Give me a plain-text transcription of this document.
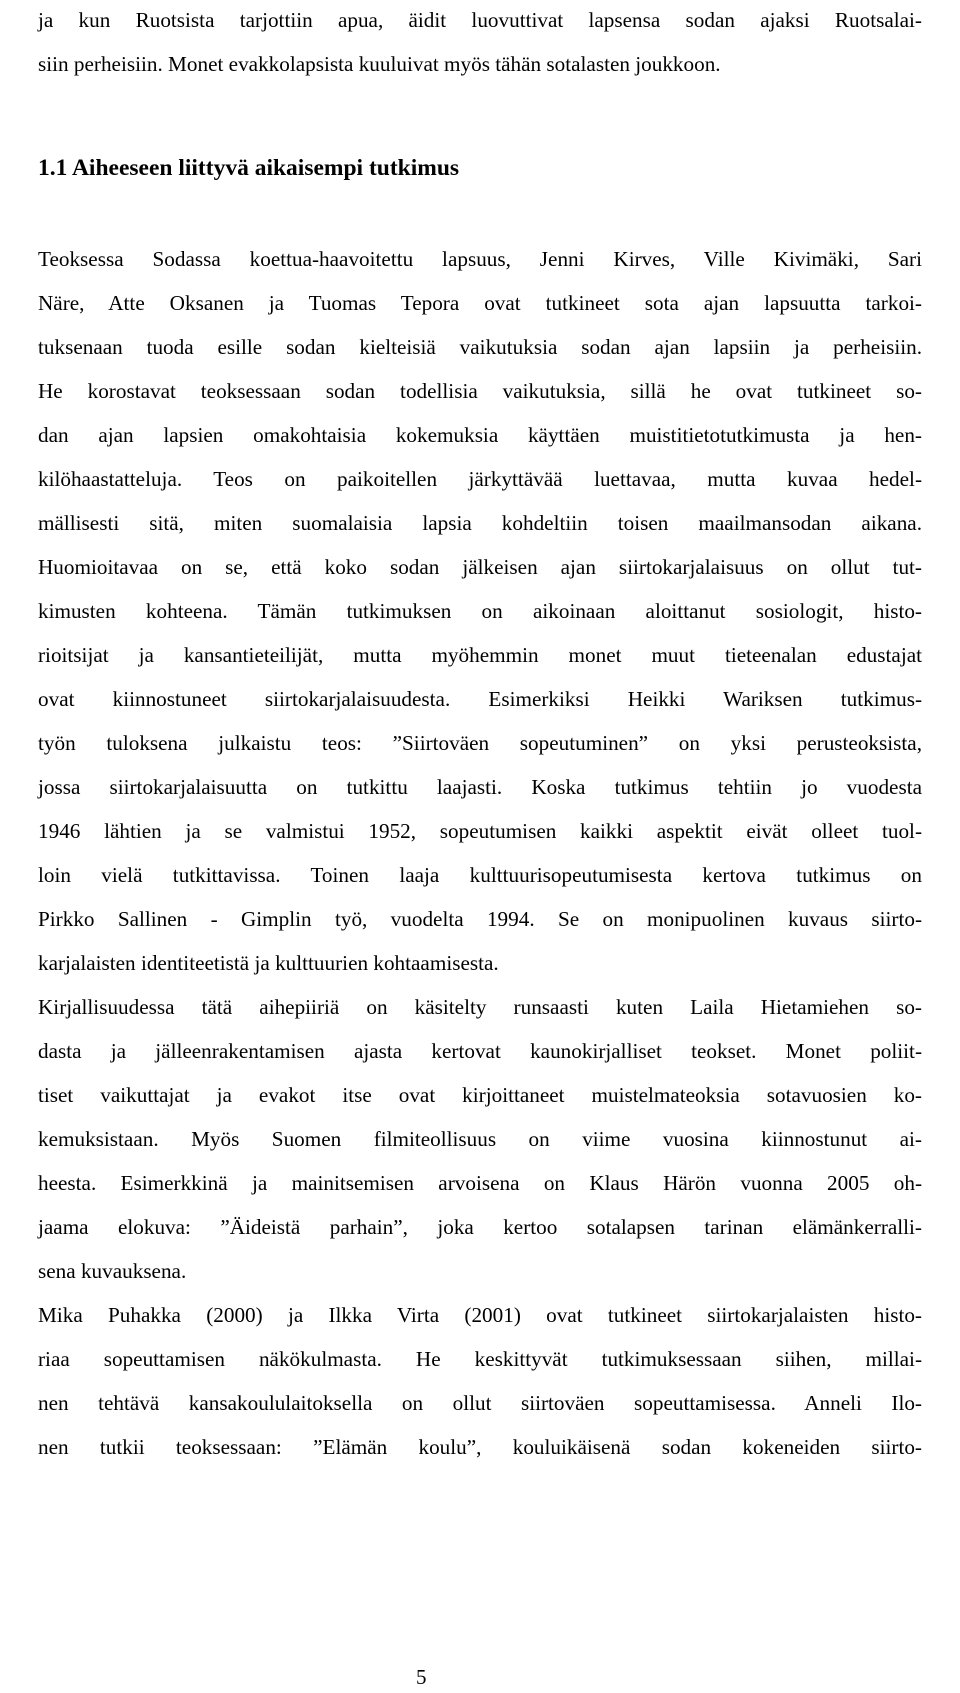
ja kun Ruotsista tarjottiin apua, äidit luovuttivat lapsensa sodan ajaksi Ruotsalai-
siin perheisiin. Monet evakkolapsista kuuluivat myös tähän sotalasten joukkoon.
1.1 Aiheeseen liittyvä aikaisempi tutkimus
Teoksessa Sodassa koettua-haavoitettu lapsuus, Jenni Kirves, Ville Kivimäki, Sari
Näre, Atte Oksanen ja Tuomas Tepora ovat tutkineet sota ajan lapsuutta tarkoi-
tuksenaan tuoda esille sodan kielteisiä vaikutuksia sodan ajan lapsiin ja perheisiin.
He korostavat teoksessaan sodan todellisia vaikutuksia, sillä he ovat tutkineet so-
dan ajan lapsien omakohtaisia kokemuksia käyttäen muistitietotutkimusta ja hen-
kilöhaastatteluja. Teos on paikoitellen järkyttävää luettavaa, mutta kuvaa hedel-
mällisesti sitä, miten suomalaisia lapsia kohdeltiin toisen maailmansodan aikana.
Huomioitavaa on se, että koko sodan jälkeisen ajan siirtokarjalaisuus on ollut tut-
kimusten kohteena. Tämän tutkimuksen on aikoinaan aloittanut sosiologit, histo-
rioitsijat ja kansantieteilijät, mutta myöhemmin monet muut tieteenalan edustajat
ovat kiinnostuneet siirtokarjalaisuudesta. Esimerkiksi Heikki Wariksen tutkimus-
työn tuloksena julkaistu teos: ”Siirtoväen sopeutuminen” on yksi perusteoksista,
jossa siirtokarjalaisuutta on tutkittu laajasti. Koska tutkimus tehtiin jo vuodesta
1946 lähtien ja se valmistui 1952, sopeutumisen kaikki aspektit eivät olleet tuol-
loin vielä tutkittavissa. Toinen laaja kulttuurisopeutumisesta kertova tutkimus on
Pirkko Sallinen - Gimplin työ, vuodelta 1994. Se on monipuolinen kuvaus siirto-
karjalaisten identiteetistä ja kulttuurien kohtaamisesta.
Kirjallisuudessa tätä aihepiiriä on käsitelty runsaasti kuten Laila Hietamiehen so-
dasta ja jälleenrakentamisen ajasta kertovat kaunokirjalliset teokset. Monet poliit-
tiset vaikuttajat ja evakot itse ovat kirjoittaneet muistelmateoksia sotavuosien ko-
kemuksistaan. Myös Suomen filmiteollisuus on viime vuosina kiinnostunut ai-
heesta. Esimerkkinä ja mainitsemisen arvoisena on Klaus Härön vuonna 2005 oh-
jaama elokuva: ”Äideistä parhain”, joka kertoo sotalapsen tarinan elämänkerralli-
sena kuvauksena.
Mika Puhakka (2000) ja Ilkka Virta (2001) ovat tutkineet siirtokarjalaisten histo-
riaa sopeuttamisen näkökulmasta. He keskittyvät tutkimuksessaan siihen, millai-
nen tehtävä kansakoululaitoksella on ollut siirtoväen sopeuttamisessa. Anneli Ilo-
nen tutkii teoksessaan: ”Elämän koulu”, kouluikäisenä sodan kokeneiden siirto-
5
